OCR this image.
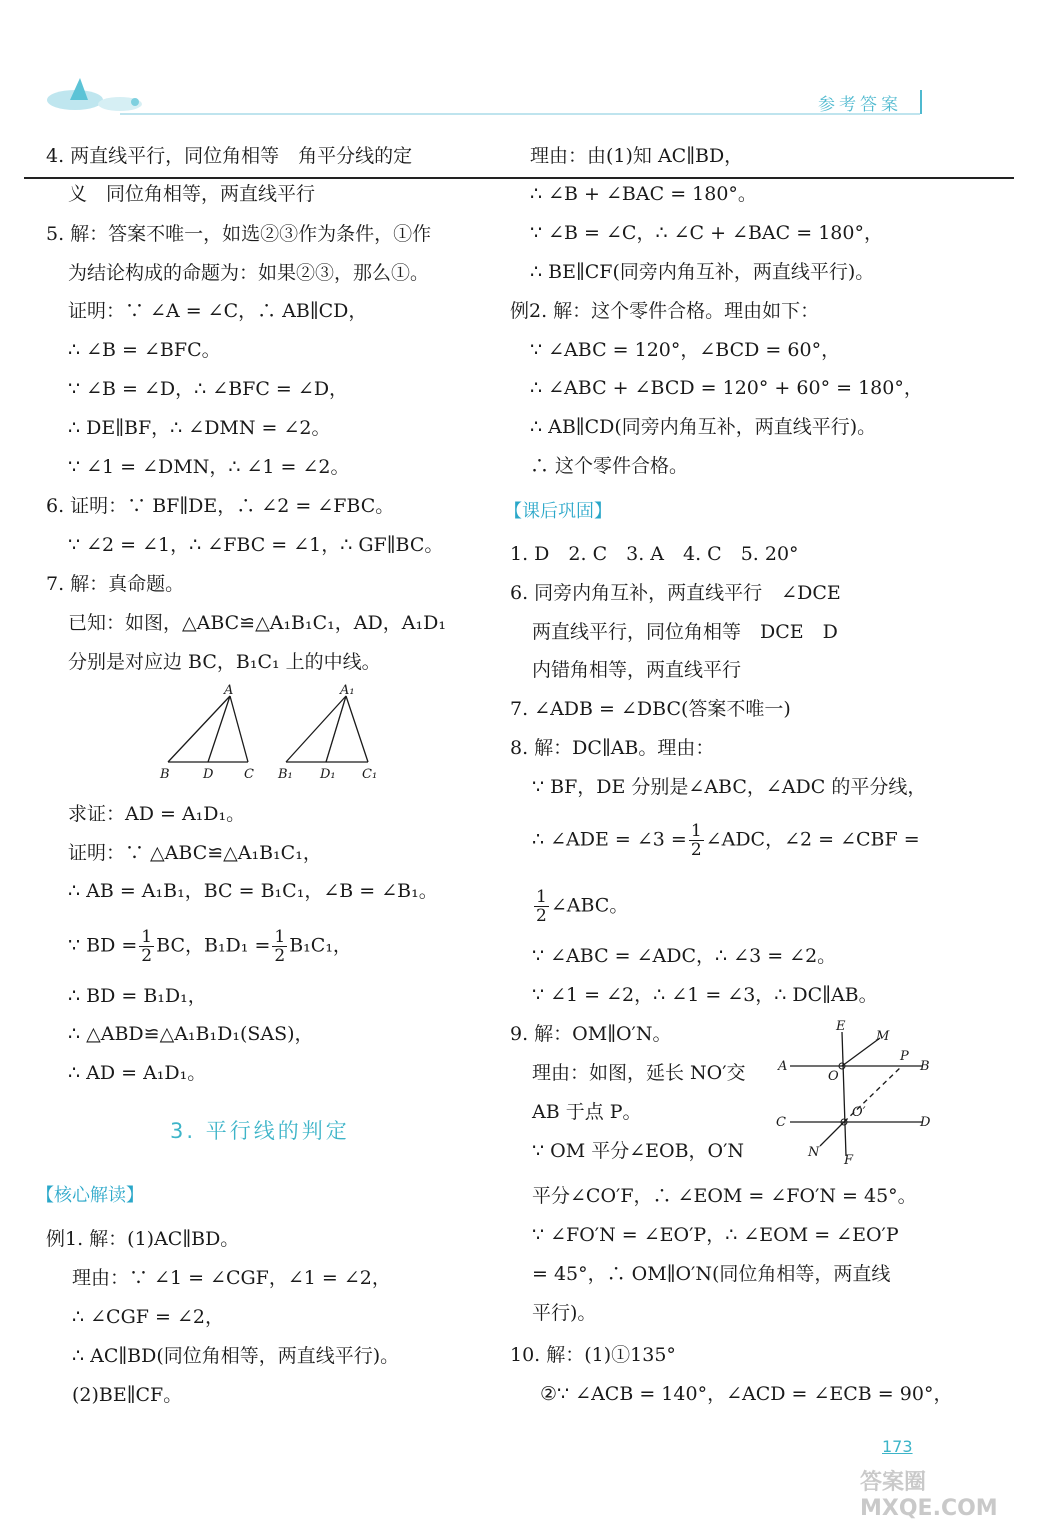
参考答案
4. 两直线平行，同位角相等　角平分线的定
义　同位角相等，两直线平行
5. 解：答案不唯一，如选②③作为条件，①作
为结论构成的命题为：如果②③，那么①。
证明：∵ ∠A = ∠C，∴ AB∥CD，
∴ ∠B = ∠BFC。
∵ ∠B = ∠D，∴ ∠BFC = ∠D，
∴ DE∥BF，∴ ∠DMN = ∠2。
∵ ∠1 = ∠DMN，∴ ∠1 = ∠2。
6. 证明：∵ BF∥DE，∴ ∠2 = ∠FBC。
∵ ∠2 = ∠1，∴ ∠FBC = ∠1，∴ GF∥BC。
7. 解：真命题。
已知：如图，△ABC≌△A₁B₁C₁，AD，A₁D₁
分别是对应边 BC，B₁C₁ 上的中线。
A
B	D C
A₁
B₁ D₁ C₁
求证：AD = A₁D₁。
证明：∵ △ABC≌△A₁B₁C₁，
∴ AB = A₁B₁，BC = B₁C₁，∠B = ∠B₁。
∵ BD = $\frac{1}{2}$ BC，$B_1D_1 = \frac{1}{2} B_1C_1$，
∴ BD = B₁D₁，
∴ △ABD≌△A₁B₁D₁(SAS)，
∴ AD = A₁D₁。
3. 平行线的判定
【核心解读】
例1. 解：(1)AC∥BD。
理由：∵ ∠1 = ∠CGF，∠1 = ∠2，
∴ ∠CGF = ∠2，
∴ AC∥BD(同位角相等，两直线平行)。
(2)BE∥CF。
理由：由(1)知 AC∥BD，
∴ ∠B + ∠BAC = 180°。
∵ ∠B = ∠C，∴ ∠C + ∠BAC = 180°，
∴ BE∥CF(同旁内角互补，两直线平行)。
例2. 解：这个零件合格。理由如下：
∵ ∠ABC = 120°，∠BCD = 60°，
∴ ∠ABC + ∠BCD = 120° + 60° = 180°，
∴ AB∥CD(同旁内角互补，两直线平行)。
∴ 这个零件合格。
【课后巩固】
1. D　2. C　3. A　4. C　5. 20°
6. 同旁内角互补，两直线平行　∠DCE
两直线平行，同位角相等　DCE　D
内错角相等，两直线平行
7. ∠ADB = ∠DBC(答案不唯一)
8. 解：DC∥AB。理由：
∵ BF，DE 分别是∠ABC，∠ADC 的平分线，
∴ ∠ADE = ∠3 = $\frac{1}{2}$ ∠ADC，∠2 = ∠CBF =
$\frac{1}{2}$ ∠ABC。
∵ ∠ABC = ∠ADC，∴ ∠3 = ∠2。
∵ ∠1 = ∠2，∴ ∠1 = ∠3，∴ DC∥AB。
9. 解：OM∥O′N。
理由：如图，延长 NO′交
AB 于点 P。
∵ OM 平分∠EOB，O′N
E
M
A
O
P
B
C
O′
D
N
F
平分∠CO′F，∴ ∠EOM = ∠FO′N = 45°。
∵ ∠FO′N = ∠EO′P，∴ ∠EOM = ∠EO′P
= 45°，∴ OM∥O′N(同位角相等，两直线
平行)。
10. 解：(1)①135°
②∵ ∠ACB = 140°，∠ACD = ∠ECB = 90°，
173
答案圈 MXQE.COM
